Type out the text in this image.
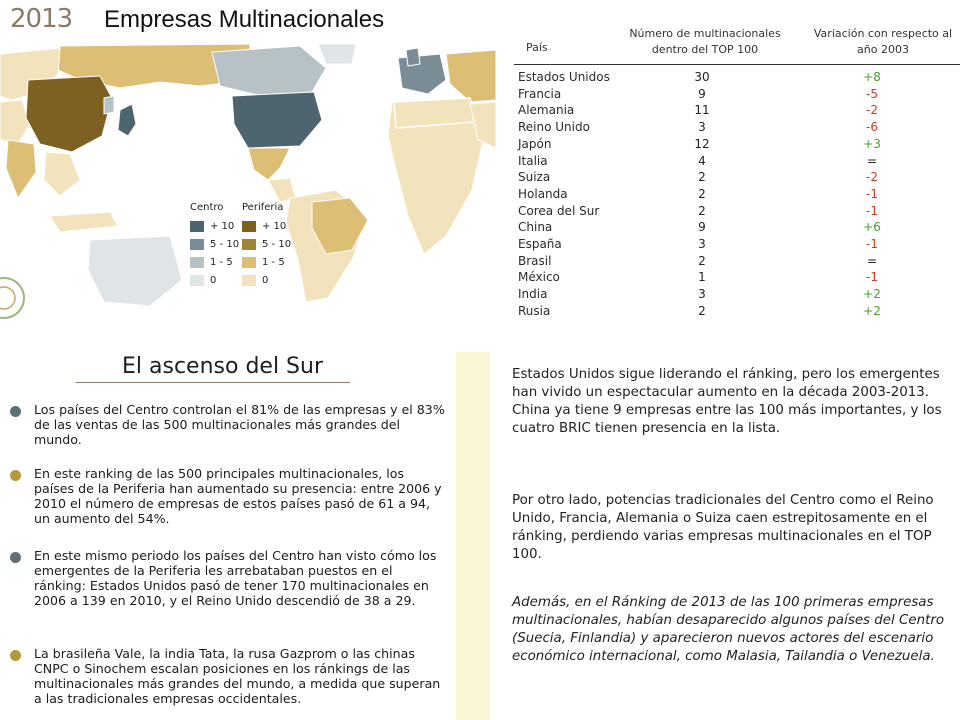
2013 Empresas Multinacionales
Centro
+ 10
5 - 10
1 - 5
0
Periferia
+ 10
5 - 10
1 - 5
0
País
Número de multinacionales dentro del TOP 100
Variación con respecto al año 2003
Estados Unidos	30	+8
Francia	9	-5
Alemania	11	-2
Reino Unido	3	-6
Japón	12	+3
Italia	4	=
Suiza	2	-2
Holanda	2	-1
Corea del Sur	2	-1
China	9	+6
España	3	-1
Brasil	2	=
México	1	-1
India	3	+2
Rusia	2	+2
El ascenso del Sur
Los países del Centro controlan el 81% de las empresas y el 83% de las ventas de las 500 multinacionales más grandes del mundo.
En este ranking de las 500 principales multinacionales, los países de la Periferia han aumentado su presencia: entre 2006 y 2010 el número de empresas de estos países pasó de 61 a 94, un aumento del 54%.
En este mismo periodo los países del Centro han visto cómo los emergentes de la Periferia les arrebataban puestos en el ránking: Estados Unidos pasó de tener 170 multinacionales en 2006 a 139 en 2010, y el Reino Unido descendió de 38 a 29.
La brasileña Vale, la india Tata, la rusa Gazprom o las chinas CNPC o Sinochem escalan posiciones en los ránkings de las multinacionales más grandes del mundo, a medida que superan a las tradicionales empresas occidentales.
Estados Unidos sigue liderando el ránking, pero los emergentes han vivido un espectacular aumento en la década 2003-2013. China ya tiene 9 empresas entre las 100 más importantes, y los cuatro BRIC tienen presencia en la lista.
Por otro lado, potencias tradicionales del Centro como el Reino Unido, Francia, Alemania o Suiza caen estrepitosamente en el ránking, perdiendo varias empresas multinacionales en el TOP 100.
Además, en el Ránking de 2013 de las 100 primeras empresas multinacionales, habían desaparecido algunos países del Centro (Suecia, Finlandia) y aparecieron nuevos actores del escenario económico internacional, como Malasia, Tailandia o Venezuela.
